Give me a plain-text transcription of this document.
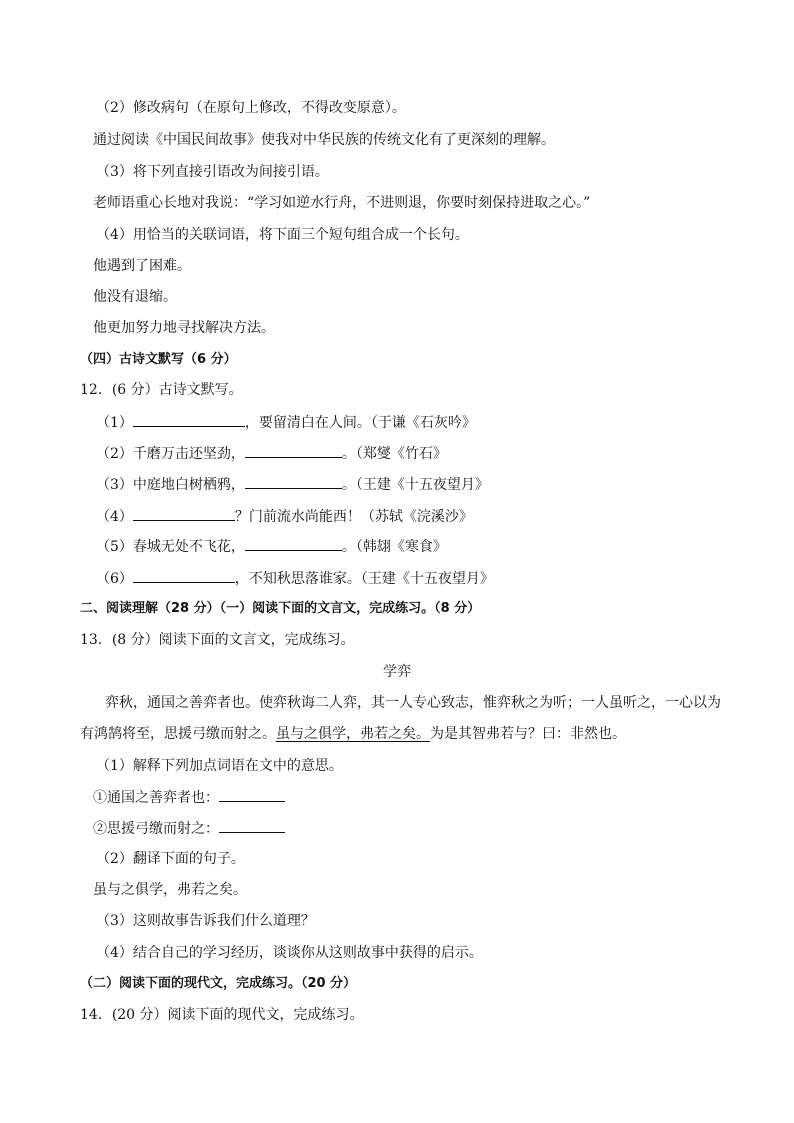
（2）修改病句（在原句上修改，不得改变原意）。
通过阅读《中国民间故事》使我对中华民族的传统文化有了更深刻的理解。
（3）将下列直接引语改为间接引语。
老师语重心长地对我说：“学习如逆水行舟，不进则退，你要时刻保持进取之心。”
（4）用恰当的关联词语，将下面三个短句组合成一个长句。
他遇到了困难。
他没有退缩。
他更加努力地寻找解决方法。
（四）古诗文默写（6 分）
12．(6 分）古诗文默写。
（1）	，要留清白在人间。（于谦《石灰吟》
（2）千磨万击还坚劲，	。（郑燮《竹石》
（3）中庭地白树栖鸦，	。（王建《十五夜望月》
（4）	？门前流水尚能西！（苏轼《浣溪沙》
（5）春城无处不飞花，	。（韩翃《寒食》
（6）	，不知秋思落谁家。（王建《十五夜望月》
二、阅读理解（28 分）（一）阅读下面的文言文，完成练习。（8 分）
13．(8 分）阅读下面的文言文，完成练习。
学弈
弈秋，通国之善弈者也。使弈秋诲二人弈，其一人专心致志，惟弈秋之为听；一人虽听之，一心以为
有鸿鹄将至，思援弓缴而射之。虽与之俱学，弗若之矣。为是其智弗若与？曰：非然也。
（1）解释下列加点词语在文中的意思。
①通国之善弈者也：
②思援弓缴而射之：
（2）翻译下面的句子。
虽与之俱学，弗若之矣。
（3）这则故事告诉我们什么道理？
（4）结合自己的学习经历，谈谈你从这则故事中获得的启示。
（二）阅读下面的现代文，完成练习。（20 分）
14．(20 分）阅读下面的现代文，完成练习。
